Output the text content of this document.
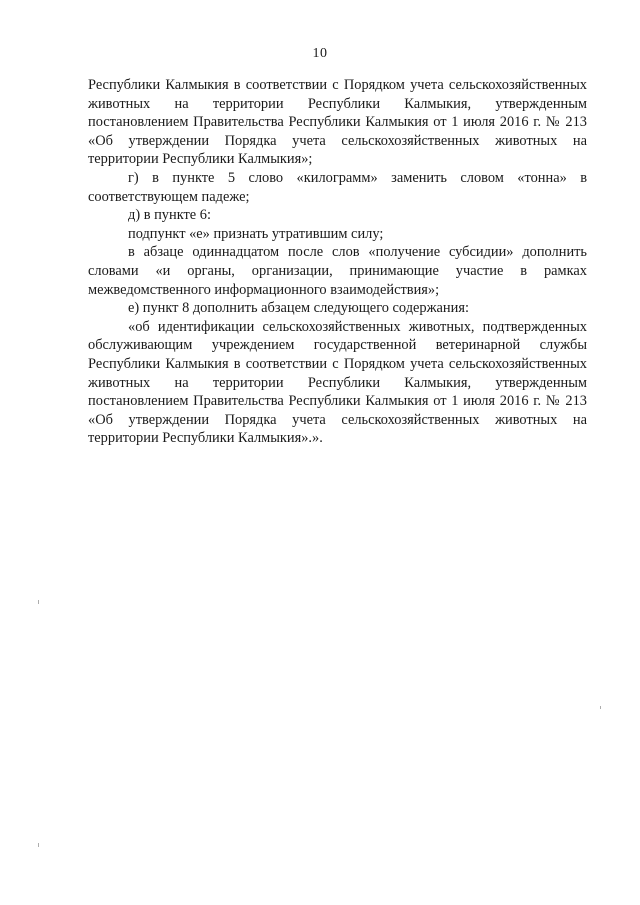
10

Республики Калмыкия в соответствии с Порядком учета сельскохозяйственных животных на территории Республики Калмыкия, утвержденным постановлением Правительства Республики Калмыкия от 1 июля 2016 г. № 213 «Об утверждении Порядка учета сельскохозяйственных животных на территории Республики Калмыкия»;

г) в пункте 5 слово «килограмм» заменить словом «тонна» в соответствующем падеже;

д) в пункте 6:

подпункт «е» признать утратившим силу;

в абзаце одиннадцатом после слов «получение субсидии» дополнить словами «и органы, организации, принимающие участие в рамках межведомственного информационного взаимодействия»;

е) пункт 8 дополнить абзацем следующего содержания:

«об идентификации сельскохозяйственных животных, подтвержденных обслуживающим учреждением государственной ветеринарной службы Республики Калмыкия в соответствии с Порядком учета сельскохозяйственных животных на территории Республики Калмыкия, утвержденным постановлением Правительства Республики Калмыкия от 1 июля 2016 г. № 213 «Об утверждении Порядка учета сельскохозяйственных животных на территории Республики Калмыкия».».
